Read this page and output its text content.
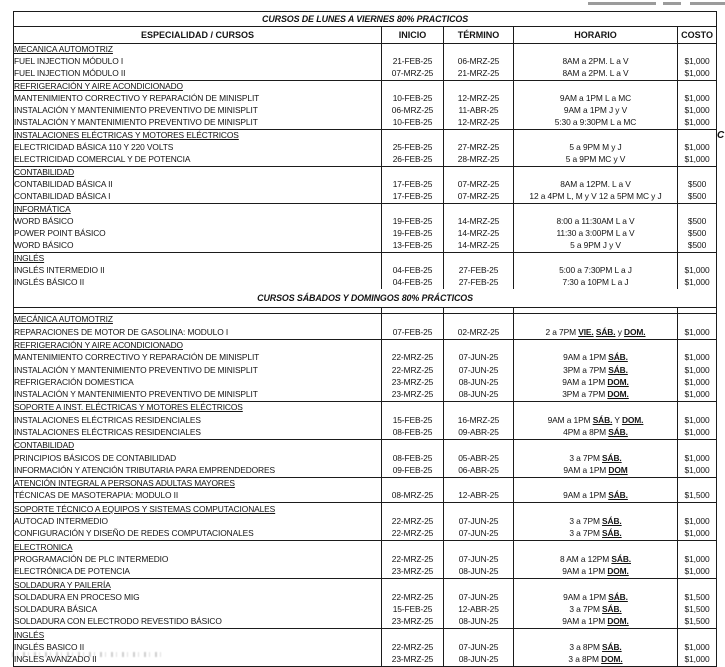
CURSOS DE LUNES A VIERNES 80% PRACTICOS				
ESPECIALIDAD / CURSOS	INICIO	TÉRMINO	HORARIO	COSTO
MECANICA AUTOMOTRIZ				
FUEL INJECTION MÓDULO I	21-FEB-25	06-MRZ-25	8AM a 2PM. L a V	$1,000
FUEL INJECTION MÓDULO II	07-MRZ-25	21-MRZ-25	8AM a 2PM. L a V	$1,000
REFRIGERACIÓN Y AIRE ACONDICIONADO				
MANTENIMIENTO CORRECTIVO Y REPARACIÓN DE MINISPLIT	10-FEB-25	12-MRZ-25	9AM a 1PM L a MC	$1,000
INSTALACIÓN Y MANTENIMIENTO PREVENTIVO DE MINISPLIT	06-MRZ-25	11-ABR-25	9AM a 1PM J y V	$1,000
INSTALACIÓN Y MANTENIMIENTO PREVENTIVO DE MINISPLIT	10-FEB-25	12-MRZ-25	5:30 a 9:30PM L a MC	$1,000
INSTALACIONES ELÉCTRICAS Y MOTORES ELÉCTRICOS				
ELECTRICIDAD BÁSICA 110 Y 220 VOLTS	25-FEB-25	27-MRZ-25	5 a 9PM M y J	$1,000
ELECTRICIDAD COMERCIAL Y DE POTENCIA	26-FEB-25	28-MRZ-25	5 a 9PM MC y V	$1,000
CONTABILIDAD				
CONTABILIDAD BÁSICA II	17-FEB-25	07-MRZ-25	8AM a 12PM. L a V	$500
CONTABILIDAD BÁSICA I	17-FEB-25	07-MRZ-25	12 a 4PM L, M y V 12 a 5PM MC y J	$500
INFORMÁTICA				
WORD BÁSICO	19-FEB-25	14-MRZ-25	8:00 a 11:30AM L a V	$500
POWER POINT BÁSICO	19-FEB-25	14-MRZ-25	11:30 a 3:00PM L a V	$500
WORD BÁSICO	13-FEB-25	14-MRZ-25	5 a 9PM J y V	$500
INGLÉS				
INGLÉS INTERMEDIO II	04-FEB-25	27-FEB-25	5:00 a 7:30PM L a J	$1,000
INGLÉS BÁSICO II	04-FEB-25	27-FEB-25	7:30 a 10PM L a J	$1,000
CURSOS SÁBADOS Y DOMINGOS 80% PRÁCTICOS				

MECÁNICA AUTOMOTRIZ				
REPARACIONES DE MOTOR DE GASOLINA: MODULO I	07-FEB-25	02-MRZ-25	2 a 7PM VIE. SÁB. y DOM.	$1,000
REFRIGERACIÓN Y AIRE ACONDICIONADO				
MANTENIMIENTO CORRECTIVO Y REPARACIÓN DE MINISPLIT	22-MRZ-25	07-JUN-25	9AM a 1PM SÁB.	$1,000
INSTALACIÓN Y MANTENIMIENTO PREVENTIVO DE MINISPLIT	22-MRZ-25	07-JUN-25	3PM a 7PM SÁB.	$1,000
REFRIGERACIÓN DOMESTICA	23-MRZ-25	08-JUN-25	9AM a 1PM DOM.	$1,000
INSTALACIÓN Y MANTENIMIENTO PREVENTIVO DE MINISPLIT	23-MRZ-25	08-JUN-25	3PM a 7PM DOM.	$1,000
SOPORTE A INST. ELÉCTRICAS Y MOTORES ELÉCTRICOS				
INSTALACIONES ELÉCTRICAS RESIDENCIALES	15-FEB-25	16-MRZ-25	9AM a 1PM SÁB. Y DOM.	$1,000
INSTALACIONES ELÉCTRICAS RESIDENCIALES	08-FEB-25	09-ABR-25	4PM a 8PM SÁB.	$1,000
CONTABILIDAD				
PRINCIPIOS BÁSICOS DE CONTABILIDAD	08-FEB-25	05-ABR-25	3 a 7PM SÁB.	$1,000
INFORMACIÓN Y ATENCIÓN TRIBUTARIA PARA EMPRENDEDORES	09-FEB-25	06-ABR-25	9AM a 1PM DOM	$1,000
ATENCIÓN INTEGRAL A PERSONAS ADULTAS MAYORES				
TÉCNICAS DE MASOTERAPIA: MODULO II	08-MRZ-25	12-ABR-25	9AM a 1PM SÁB.	$1,500
SOPORTE TÉCNICO A EQUIPOS Y SISTEMAS COMPUTACIONALES				
AUTOCAD INTERMEDIO	22-MRZ-25	07-JUN-25	3 a 7PM SÁB.	$1,000
CONFIGURACIÓN Y DISEÑO DE REDES COMPUTACIONALES	22-MRZ-25	07-JUN-25	3 a 7PM SÁB.	$1,000
ELECTRONICA				
PROGRAMACIÓN DE PLC INTERMEDIO	22-MRZ-25	07-JUN-25	8 AM a 12PM SÁB.	$1,000
ELECTRÓNICA DE POTENCIA	23-MRZ-25	08-JUN-25	9AM a 1PM DOM.	$1,000
SOLDADURA Y PAILERÍA				
SOLDADURA EN PROCESO MIG	22-MRZ-25	07-JUN-25	9AM a 1PM SÁB.	$1,500
SOLDADURA BÁSICA	15-FEB-25	12-ABR-25	3 a 7PM SÁB.	$1,500
SOLDADURA CON ELECTRODO REVESTIDO BÁSICO	23-MRZ-25	08-JUN-25	9AM a 1PM DOM.	$1,500
INGLÉS				
INGLÉS BASICO II	22-MRZ-25	07-JUN-25	3 a 8PM SÁB.	$1,000
INGLES AVANZADO II	23-MRZ-25	08-JUN-25	3 a 8PM DOM.	$1,000
C
